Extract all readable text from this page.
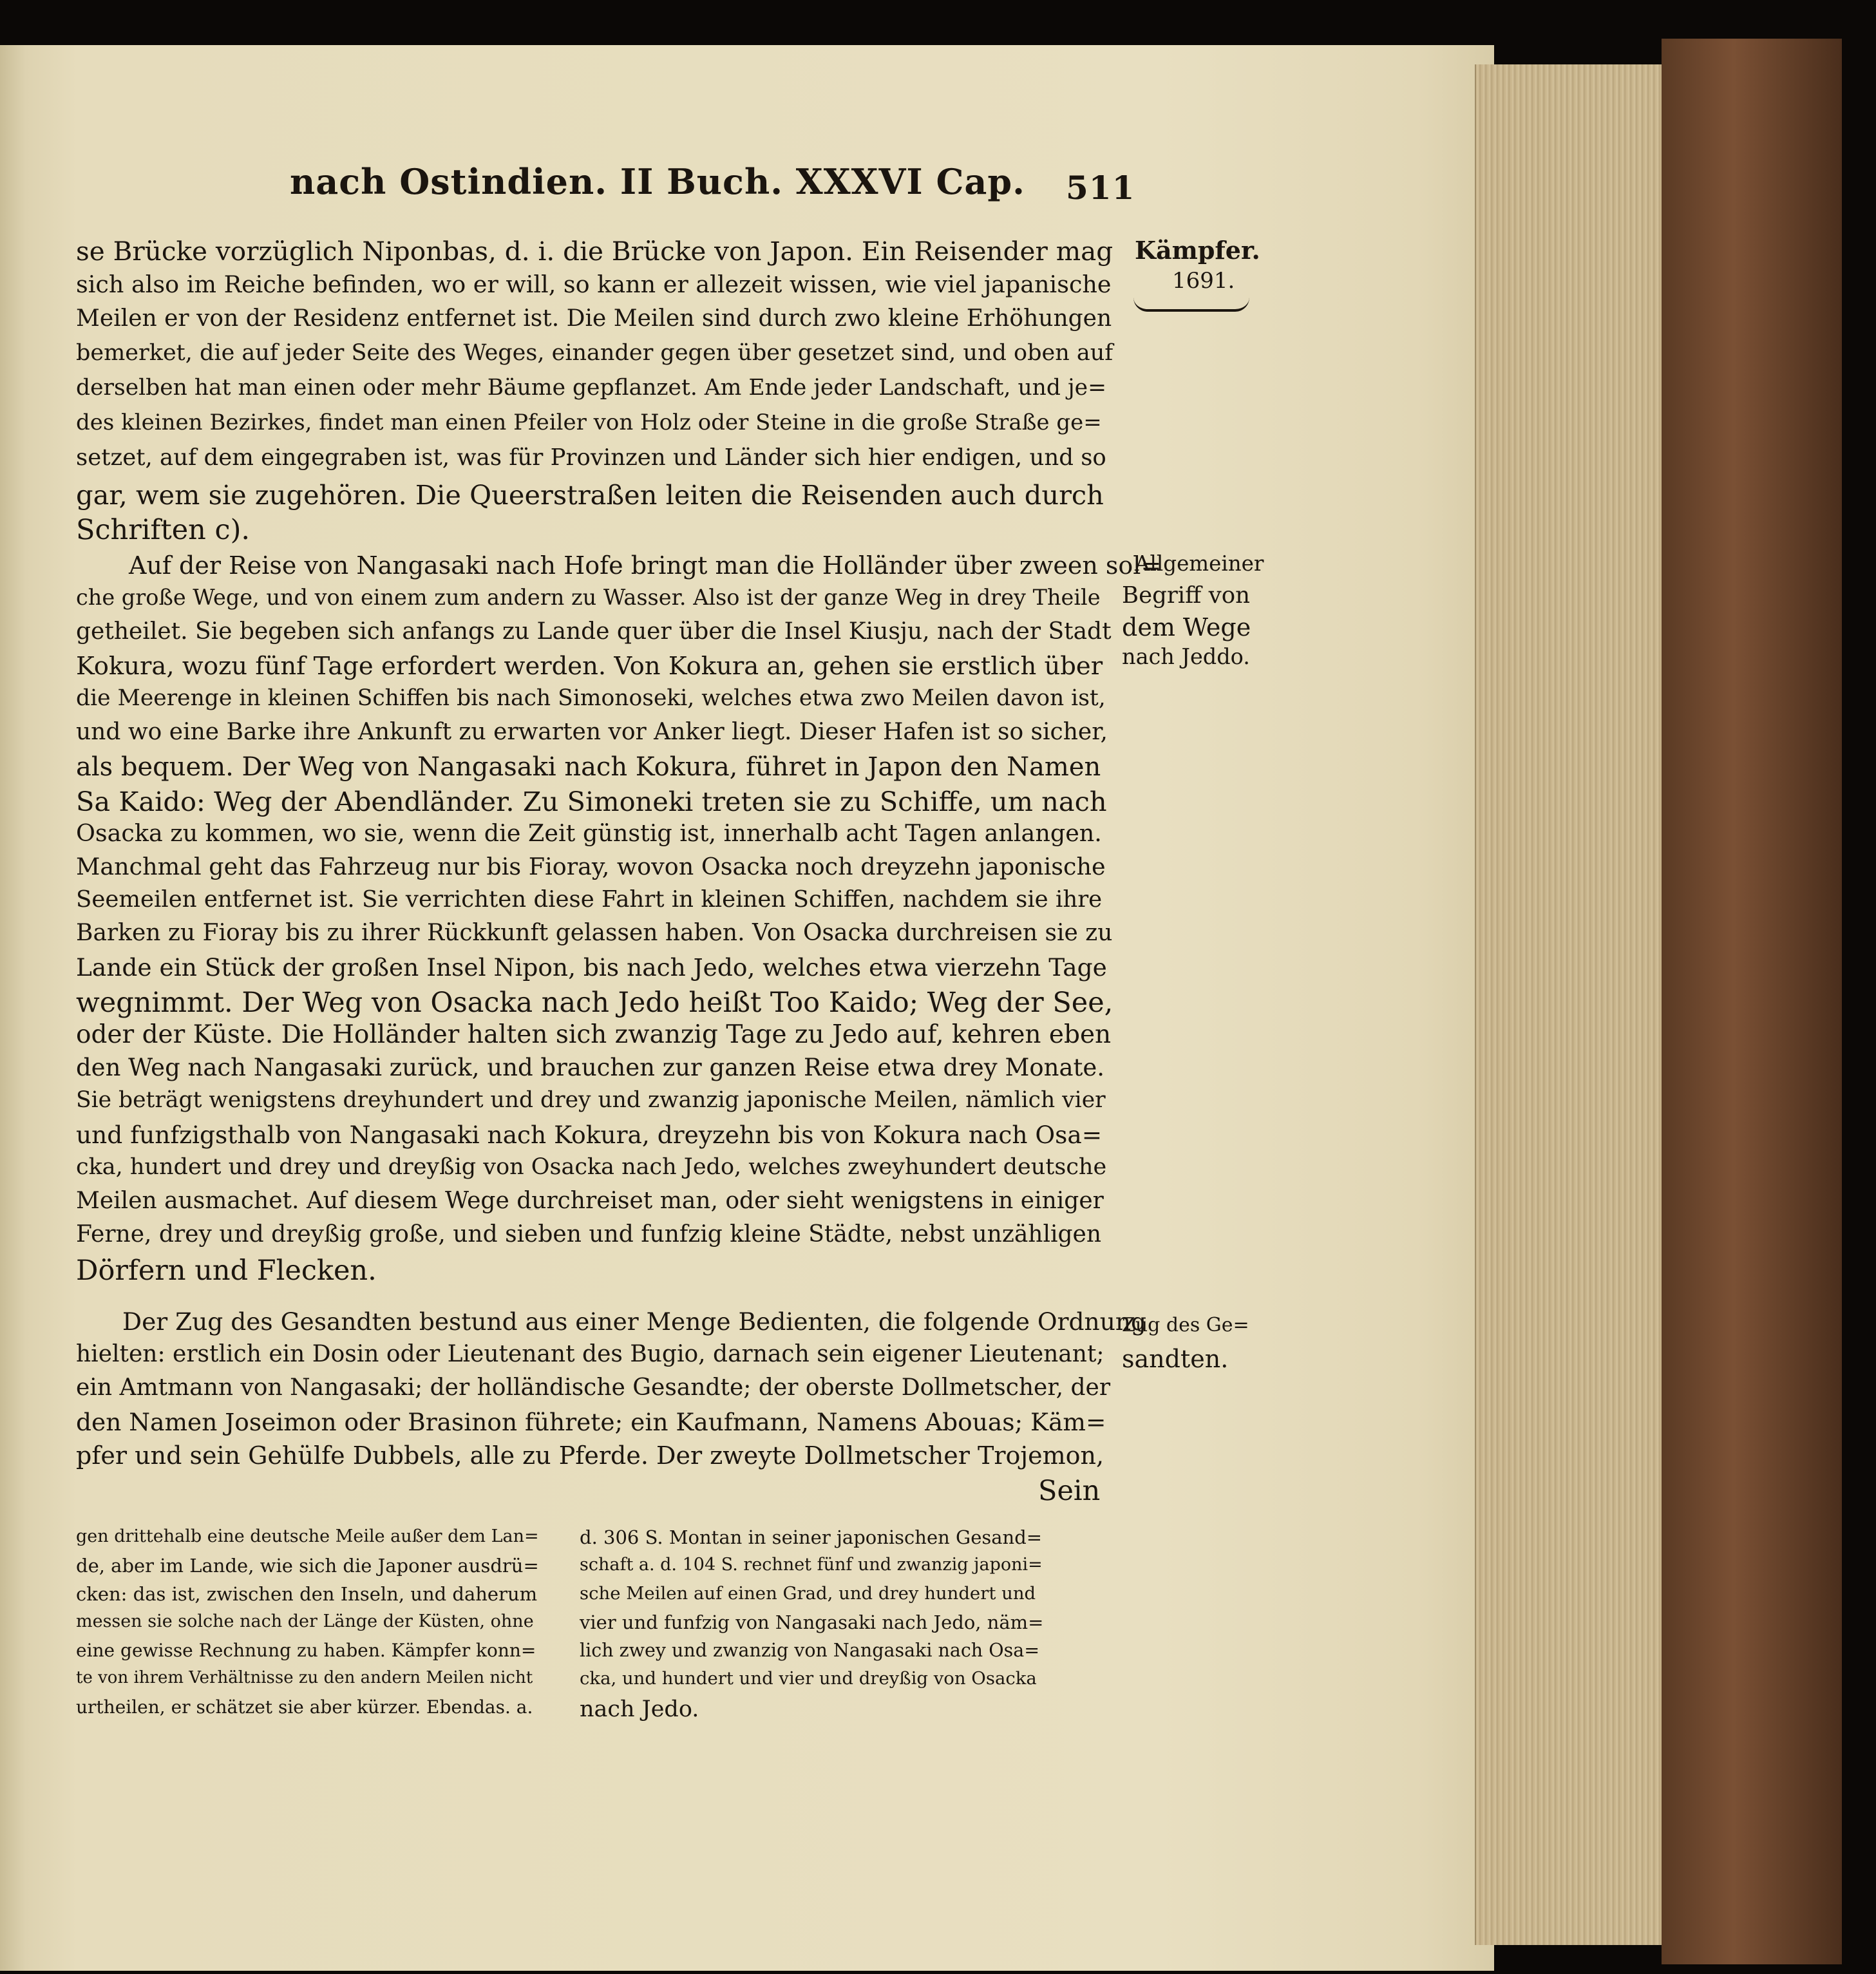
nach Ostindien. II Buch. XXXVI Cap. 511
Kämpfer.
1691.
Allgemeiner
Begriff von
dem Wege
nach Jeddo.
Zug des Ge=
sandten.
se Brücke vorzüglich Niponbas, d. i. die Brücke von Japon. Ein Reisender mag
sich also im Reiche befinden, wo er will, so kann er allezeit wissen, wie viel japanische
Meilen er von der Residenz entfernet ist. Die Meilen sind durch zwo kleine Erhöhungen
bemerket, die auf jeder Seite des Weges, einander gegen über gesetzet sind, und oben auf
derselben hat man einen oder mehr Bäume gepflanzet. Am Ende jeder Landschaft, und je=
des kleinen Bezirkes, findet man einen Pfeiler von Holz oder Steine in die große Straße ge=
setzet, auf dem eingegraben ist, was für Provinzen und Länder sich hier endigen, und so
gar, wem sie zugehören. Die Queerstraßen leiten die Reisenden auch durch
Schriften c).
Auf der Reise von Nangasaki nach Hofe bringt man die Holländer über zween sol=
che große Wege, und von einem zum andern zu Wasser. Also ist der ganze Weg in drey Theile
getheilet. Sie begeben sich anfangs zu Lande quer über die Insel Kiusju, nach der Stadt
Kokura, wozu fünf Tage erfordert werden. Von Kokura an, gehen sie erstlich über
die Meerenge in kleinen Schiffen bis nach Simonoseki, welches etwa zwo Meilen davon ist,
und wo eine Barke ihre Ankunft zu erwarten vor Anker liegt. Dieser Hafen ist so sicher,
als bequem. Der Weg von Nangasaki nach Kokura, führet in Japon den Namen
Sa Kaido: Weg der Abendländer. Zu Simoneki treten sie zu Schiffe, um nach
Osacka zu kommen, wo sie, wenn die Zeit günstig ist, innerhalb acht Tagen anlangen.
Manchmal geht das Fahrzeug nur bis Fioray, wovon Osacka noch dreyzehn japonische
Seemeilen entfernet ist. Sie verrichten diese Fahrt in kleinen Schiffen, nachdem sie ihre
Barken zu Fioray bis zu ihrer Rückkunft gelassen haben. Von Osacka durchreisen sie zu
Lande ein Stück der großen Insel Nipon, bis nach Jedo, welches etwa vierzehn Tage
wegnimmt. Der Weg von Osacka nach Jedo heißt Too Kaido; Weg der See,
oder der Küste. Die Holländer halten sich zwanzig Tage zu Jedo auf, kehren eben
den Weg nach Nangasaki zurück, und brauchen zur ganzen Reise etwa drey Monate.
Sie beträgt wenigstens dreyhundert und drey und zwanzig japonische Meilen, nämlich vier
und funfzigsthalb von Nangasaki nach Kokura, dreyzehn bis von Kokura nach Osa=
cka, hundert und drey und dreyßig von Osacka nach Jedo, welches zweyhundert deutsche
Meilen ausmachet. Auf diesem Wege durchreiset man, oder sieht wenigstens in einiger
Ferne, drey und dreyßig große, und sieben und funfzig kleine Städte, nebst unzähligen
Dörfern und Flecken.
Der Zug des Gesandten bestund aus einer Menge Bedienten, die folgende Ordnung
hielten: erstlich ein Dosin oder Lieutenant des Bugio, darnach sein eigener Lieutenant;
ein Amtmann von Nangasaki; der holländische Gesandte; der oberste Dollmetscher, der
den Namen Joseimon oder Brasinon führete; ein Kaufmann, Namens Abouas; Käm=
pfer und sein Gehülfe Dubbels, alle zu Pferde. Der zweyte Dollmetscher Trojemon,
Sein
gen drittehalb eine deutsche Meile außer dem Lan=
de, aber im Lande, wie sich die Japoner ausdrü=
cken: das ist, zwischen den Inseln, und daherum
messen sie solche nach der Länge der Küsten, ohne
eine gewisse Rechnung zu haben. Kämpfer konn=
te von ihrem Verhältnisse zu den andern Meilen nicht
urtheilen, er schätzet sie aber kürzer. Ebendas. a.
d. 306 S. Montan in seiner japonischen Gesand=
schaft a. d. 104 S. rechnet fünf und zwanzig japoni=
sche Meilen auf einen Grad, und drey hundert und
vier und funfzig von Nangasaki nach Jedo, näm=
lich zwey und zwanzig von Nangasaki nach Osa=
cka, und hundert und vier und dreyßig von Osacka
nach Jedo.
